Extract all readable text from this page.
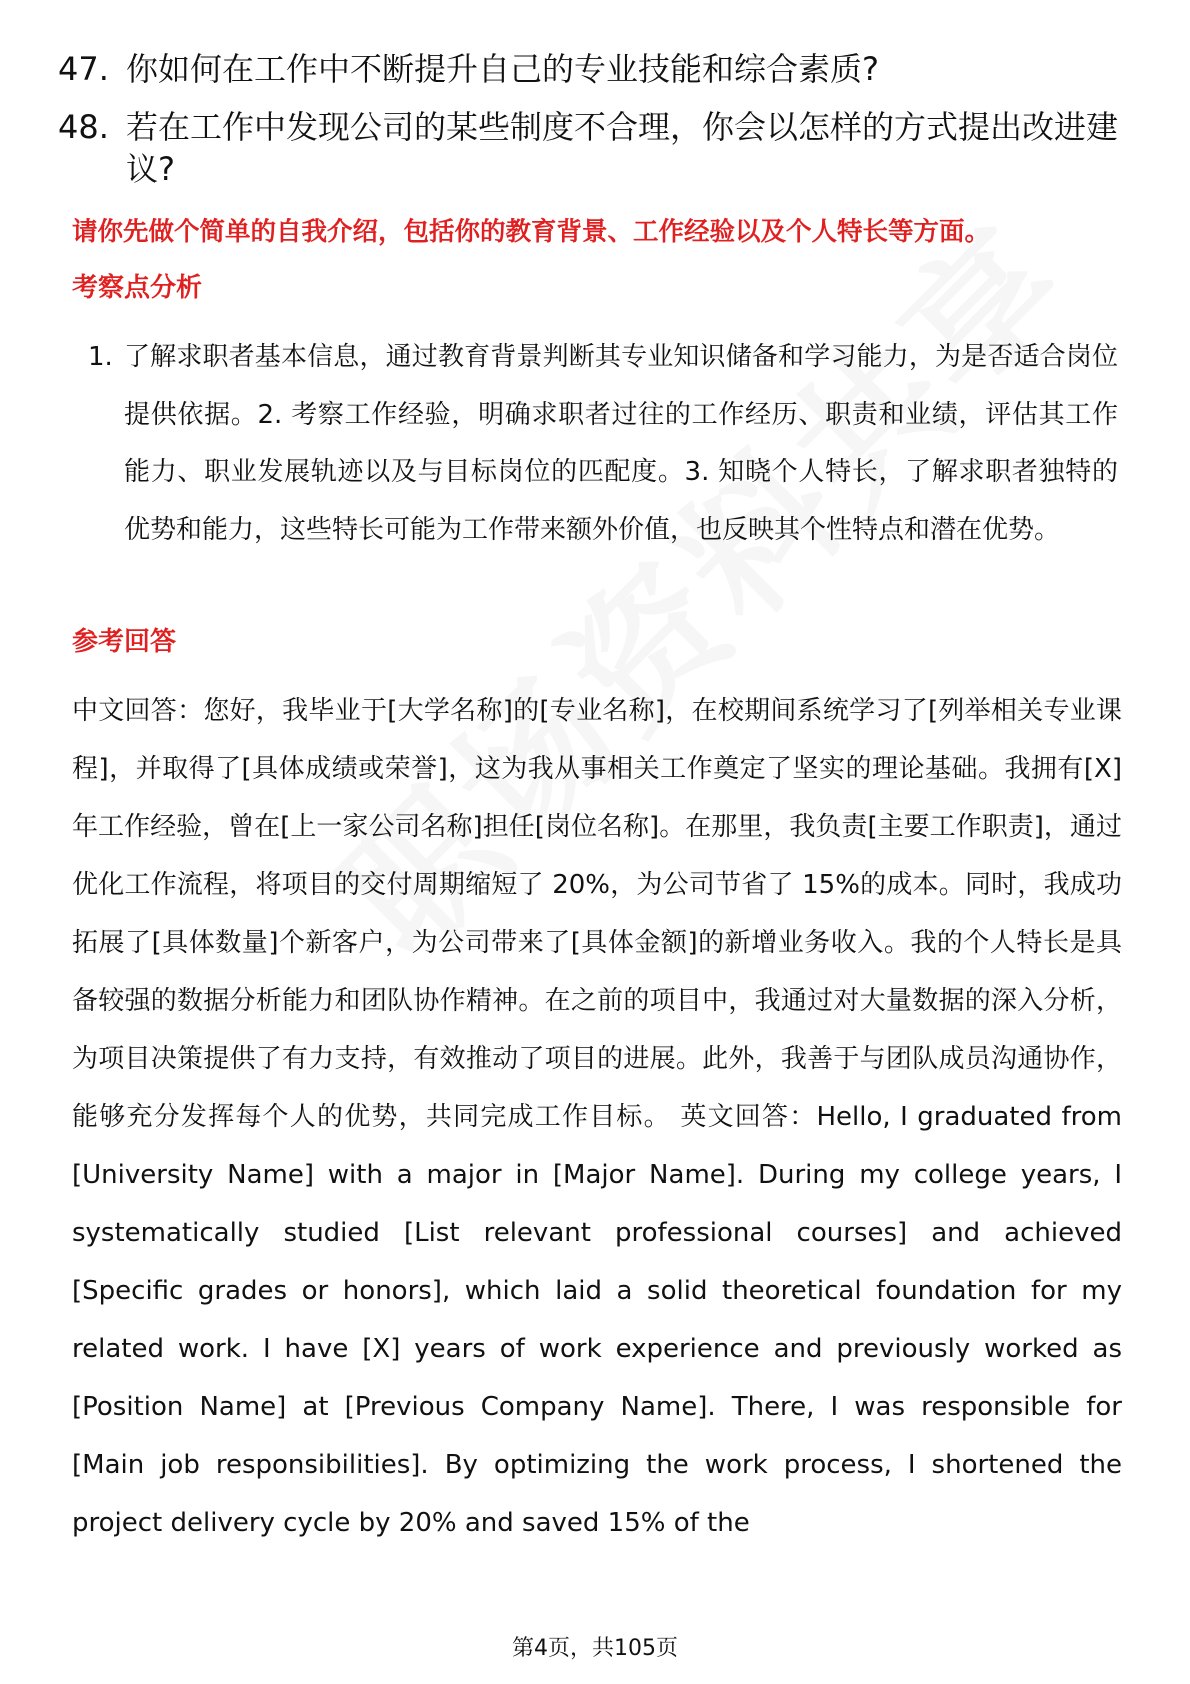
47. 你如何在工作中不断提升自己的专业技能和综合素质?
48. 若在工作中发现公司的某些制度不合理，你会以怎样的方式提出改进建议?
请你先做个简单的自我介绍，包括你的教育背景、工作经验以及个人特长等方面。
考察点分析
1. 了解求职者基本信息，通过教育背景判断其专业知识储备和学习能力，为是否适合岗位提供依据。2. 考察工作经验，明确求职者过往的工作经历、职责和业绩，评估其工作能力、职业发展轨迹以及与目标岗位的匹配度。3. 知晓个人特长，了解求职者独特的优势和能力，这些特长可能为工作带来额外价值，也反映其个性特点和潜在优势。
参考回答
中文回答：您好，我毕业于[大学名称]的[专业名称]，在校期间系统学习了[列举相关专业课程]，并取得了[具体成绩或荣誉]，这为我从事相关工作奠定了坚实的理论基础。我拥有[X]年工作经验，曾在[上一家公司名称]担任[岗位名称]。在那里，我负责[主要工作职责]，通过优化工作流程，将项目的交付周期缩短了 20%，为公司节省了 15%的成本。同时，我成功拓展了[具体数量]个新客户，为公司带来了[具体金额]的新增业务收入。我的个人特长是具备较强的数据分析能力和团队协作精神。在之前的项目中，我通过对大量数据的深入分析，为项目决策提供了有力支持，有效推动了项目的进展。此外，我善于与团队成员沟通协作，能够充分发挥每个人的优势，共同完成工作目标。 英文回答：Hello, I graduated from [University Name] with a major in [Major Name]. During my college years, I systematically studied [List relevant professional courses] and achieved [Specific grades or honors], which laid a solid theoretical foundation for my related work. I have [X] years of work experience and previously worked as [Position Name] at [Previous Company Name]. There, I was responsible for [Main job responsibilities]. By optimizing the work process, I shortened the project delivery cycle by 20% and saved 15% of the
第4页，共105页
